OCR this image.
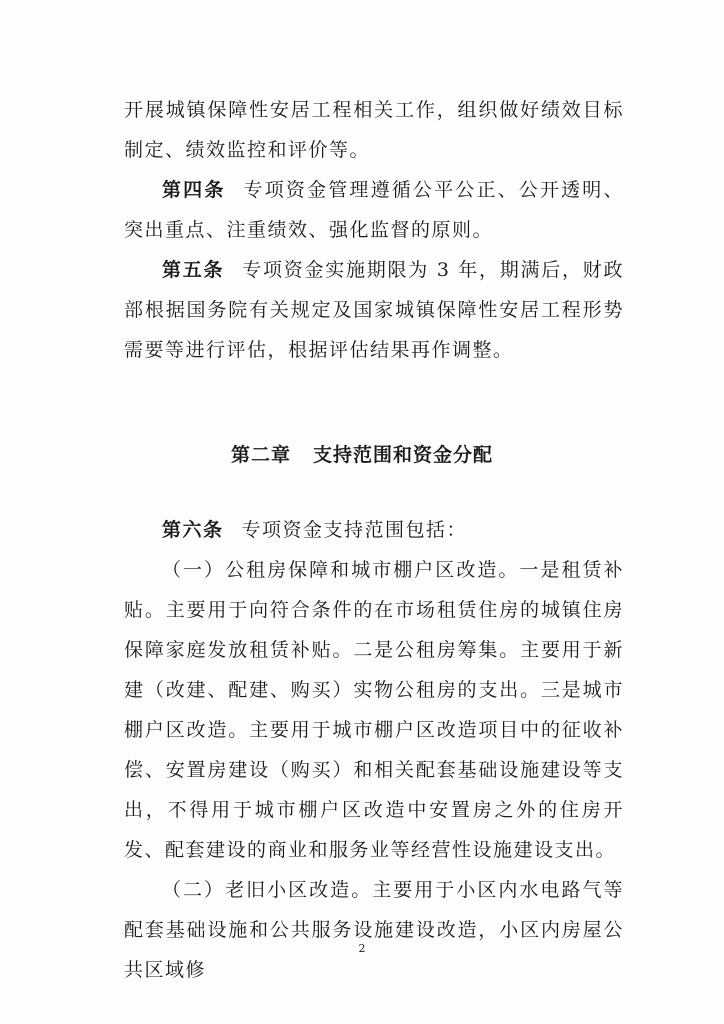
开展城镇保障性安居工程相关工作，组织做好绩效目标制定、绩效监控和评价等。

第四条 专项资金管理遵循公平公正、公开透明、突出重点、注重绩效、强化监督的原则。

第五条 专项资金实施期限为 3 年，期满后，财政部根据国务院有关规定及国家城镇保障性安居工程形势需要等进行评估，根据评估结果再作调整。

第二章 支持范围和资金分配

第六条 专项资金支持范围包括：

（一）公租房保障和城市棚户区改造。一是租赁补贴。主要用于向符合条件的在市场租赁住房的城镇住房保障家庭发放租赁补贴。二是公租房筹集。主要用于新建（改建、配建、购买）实物公租房的支出。三是城市棚户区改造。主要用于城市棚户区改造项目中的征收补偿、安置房建设（购买）和相关配套基础设施建设等支出，不得用于城市棚户区改造中安置房之外的住房开发、配套建设的商业和服务业等经营性设施建设支出。

（二）老旧小区改造。主要用于小区内水电路气等配套基础设施和公共服务设施建设改造，小区内房屋公共区域修

2
